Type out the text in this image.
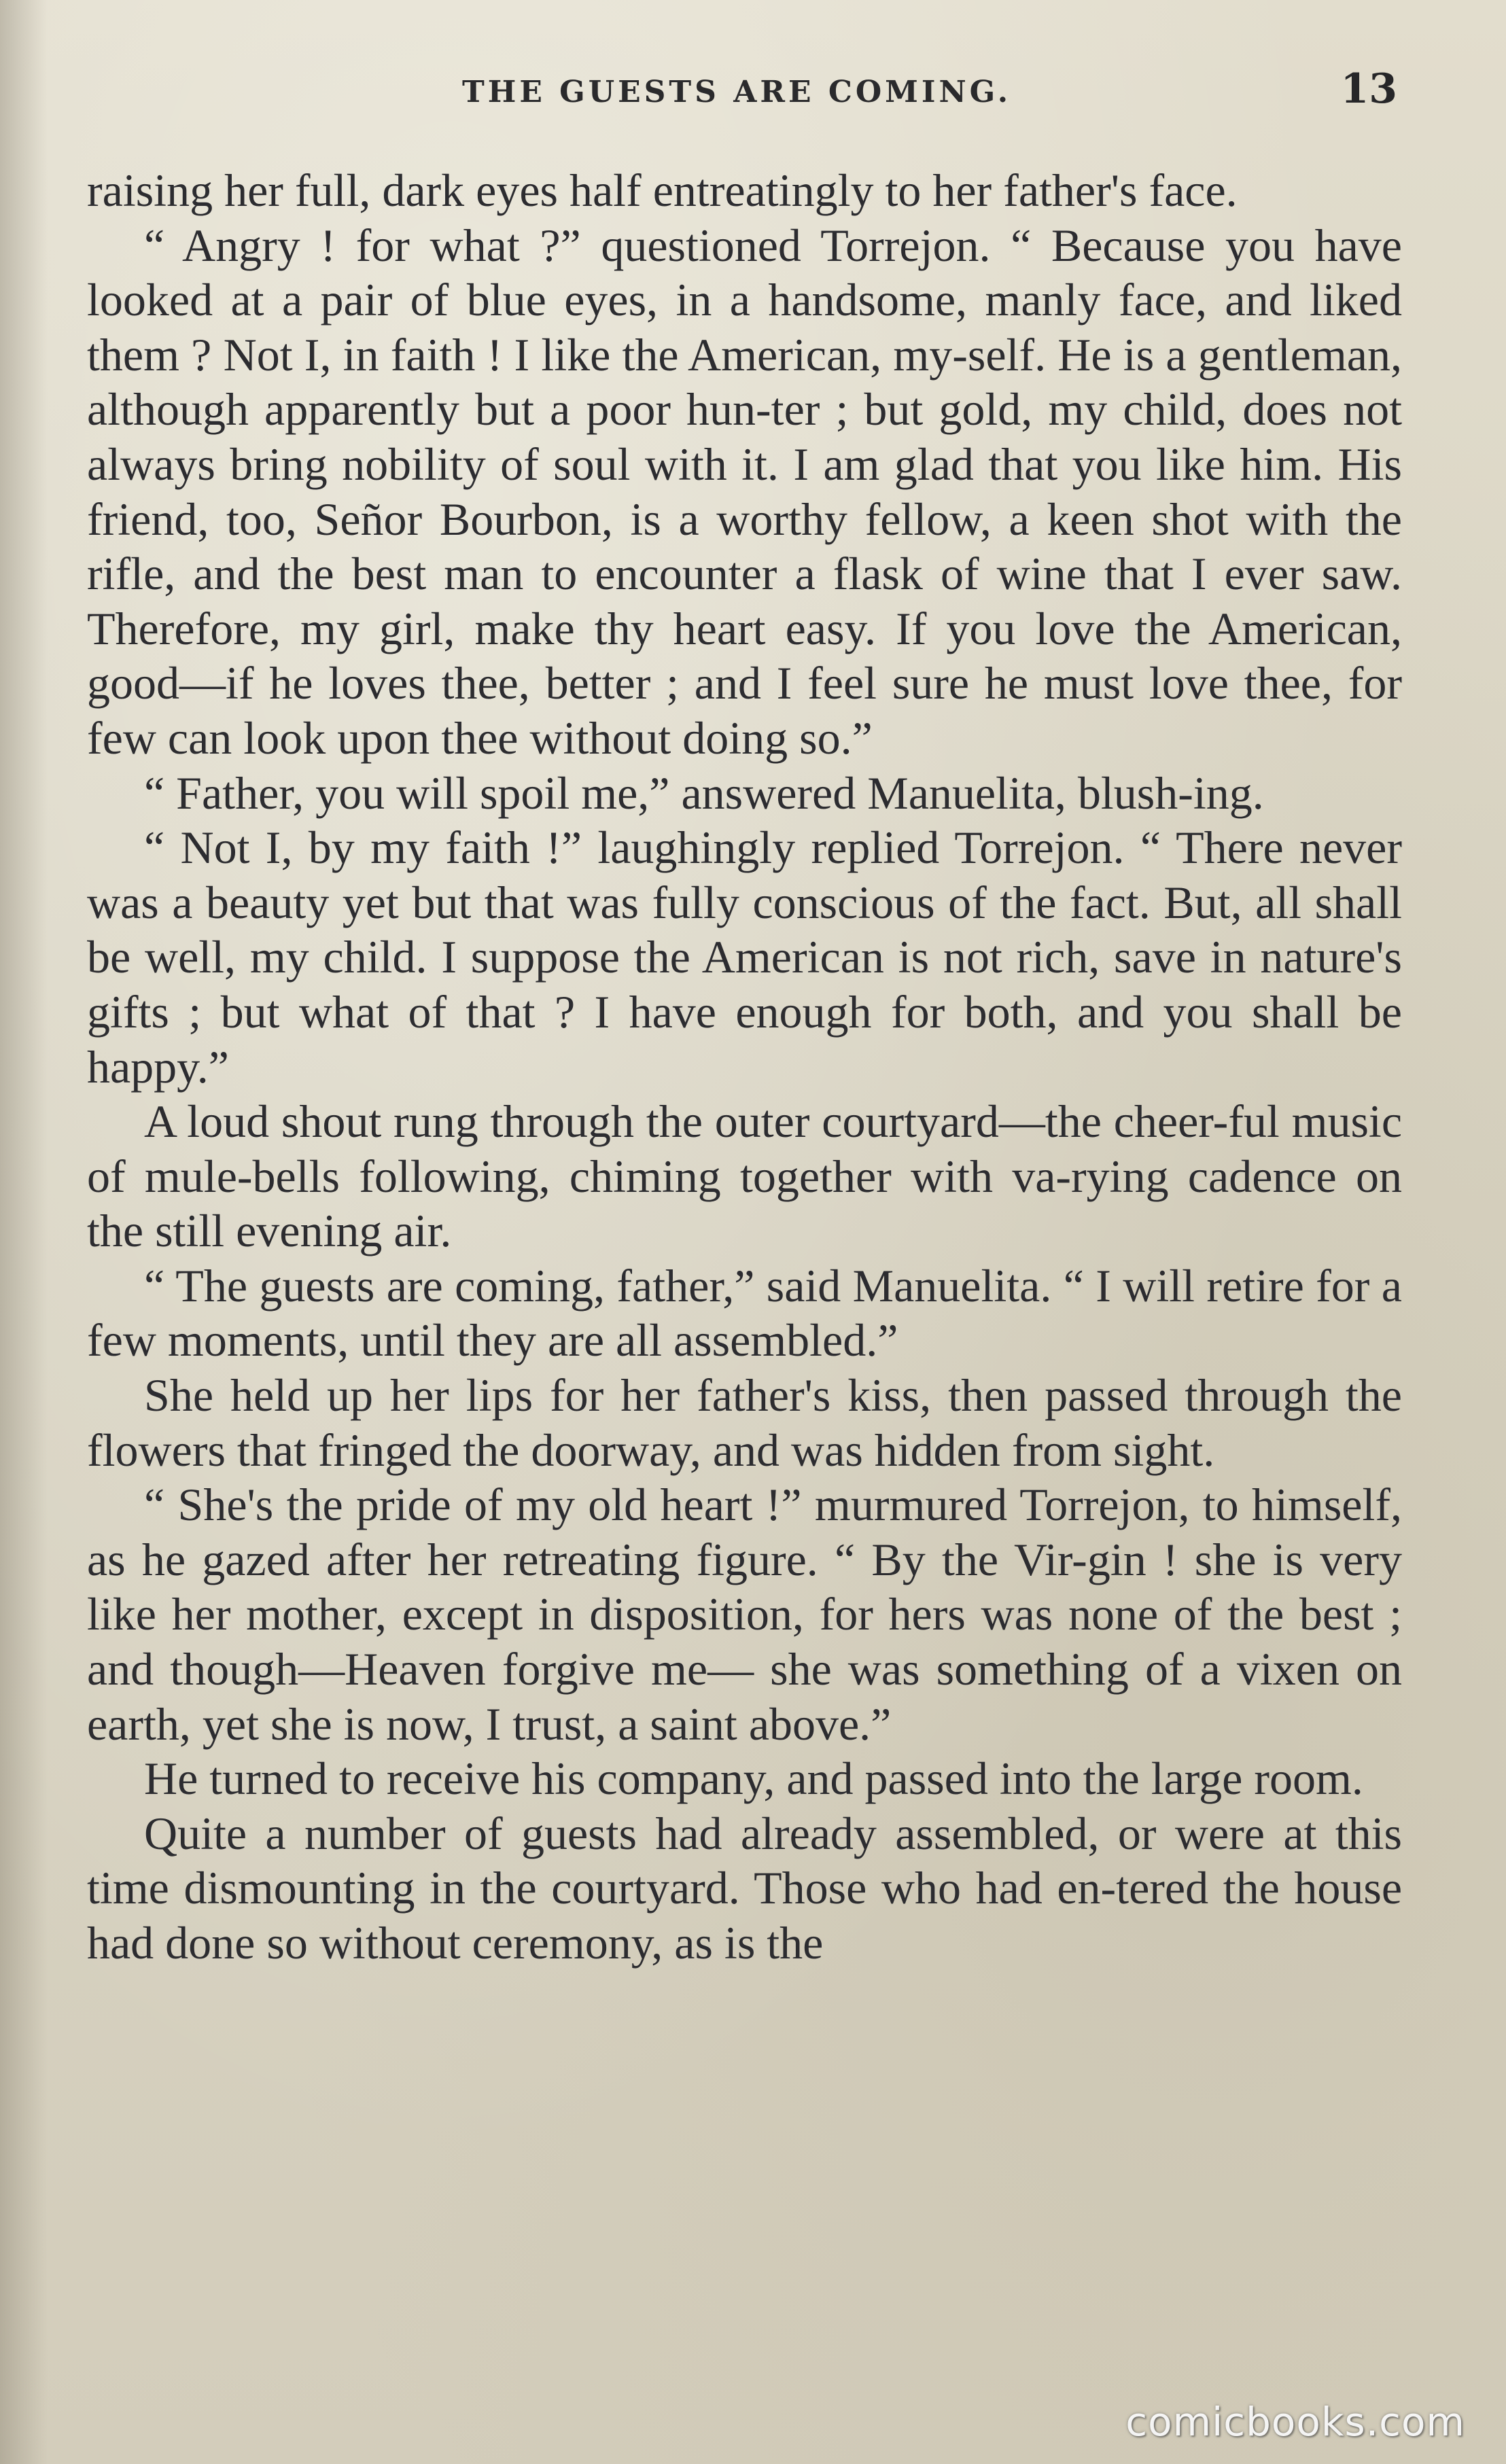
THE GUESTS ARE COMING.	13

raising her full, dark eyes half entreatingly to her father's face.

“ Angry ! for what ?” questioned Torrejon. “ Because you have looked at a pair of blue eyes, in a handsome, manly face, and liked them ? Not I, in faith ! I like the American, my-self. He is a gentleman, although apparently but a poor hun-ter ; but gold, my child, does not always bring nobility of soul with it. I am glad that you like him. His friend, too, Señor Bourbon, is a worthy fellow, a keen shot with the rifle, and the best man to encounter a flask of wine that I ever saw. Therefore, my girl, make thy heart easy. If you love the American, good—if he loves thee, better ; and I feel sure he must love thee, for few can look upon thee without doing so.”

“ Father, you will spoil me,” answered Manuelita, blush-ing.

“ Not I, by my faith !” laughingly replied Torrejon. “ There never was a beauty yet but that was fully conscious of the fact. But, all shall be well, my child. I suppose the American is not rich, save in nature's gifts ; but what of that ? I have enough for both, and you shall be happy.”

A loud shout rung through the outer courtyard—the cheer-ful music of mule-bells following, chiming together with va-rying cadence on the still evening air.

“ The guests are coming, father,” said Manuelita. “ I will retire for a few moments, until they are all assembled.”

She held up her lips for her father's kiss, then passed through the flowers that fringed the doorway, and was hidden from sight.

“ She's the pride of my old heart !” murmured Torrejon, to himself, as he gazed after her retreating figure. “ By the Vir-gin ! she is very like her mother, except in disposition, for hers was none of the best ; and though—Heaven forgive me— she was something of a vixen on earth, yet she is now, I trust, a saint above.”

He turned to receive his company, and passed into the large room.

Quite a number of guests had already assembled, or were at this time dismounting in the courtyard. Those who had en-tered the house had done so without ceremony, as is the

comicbooks.com
